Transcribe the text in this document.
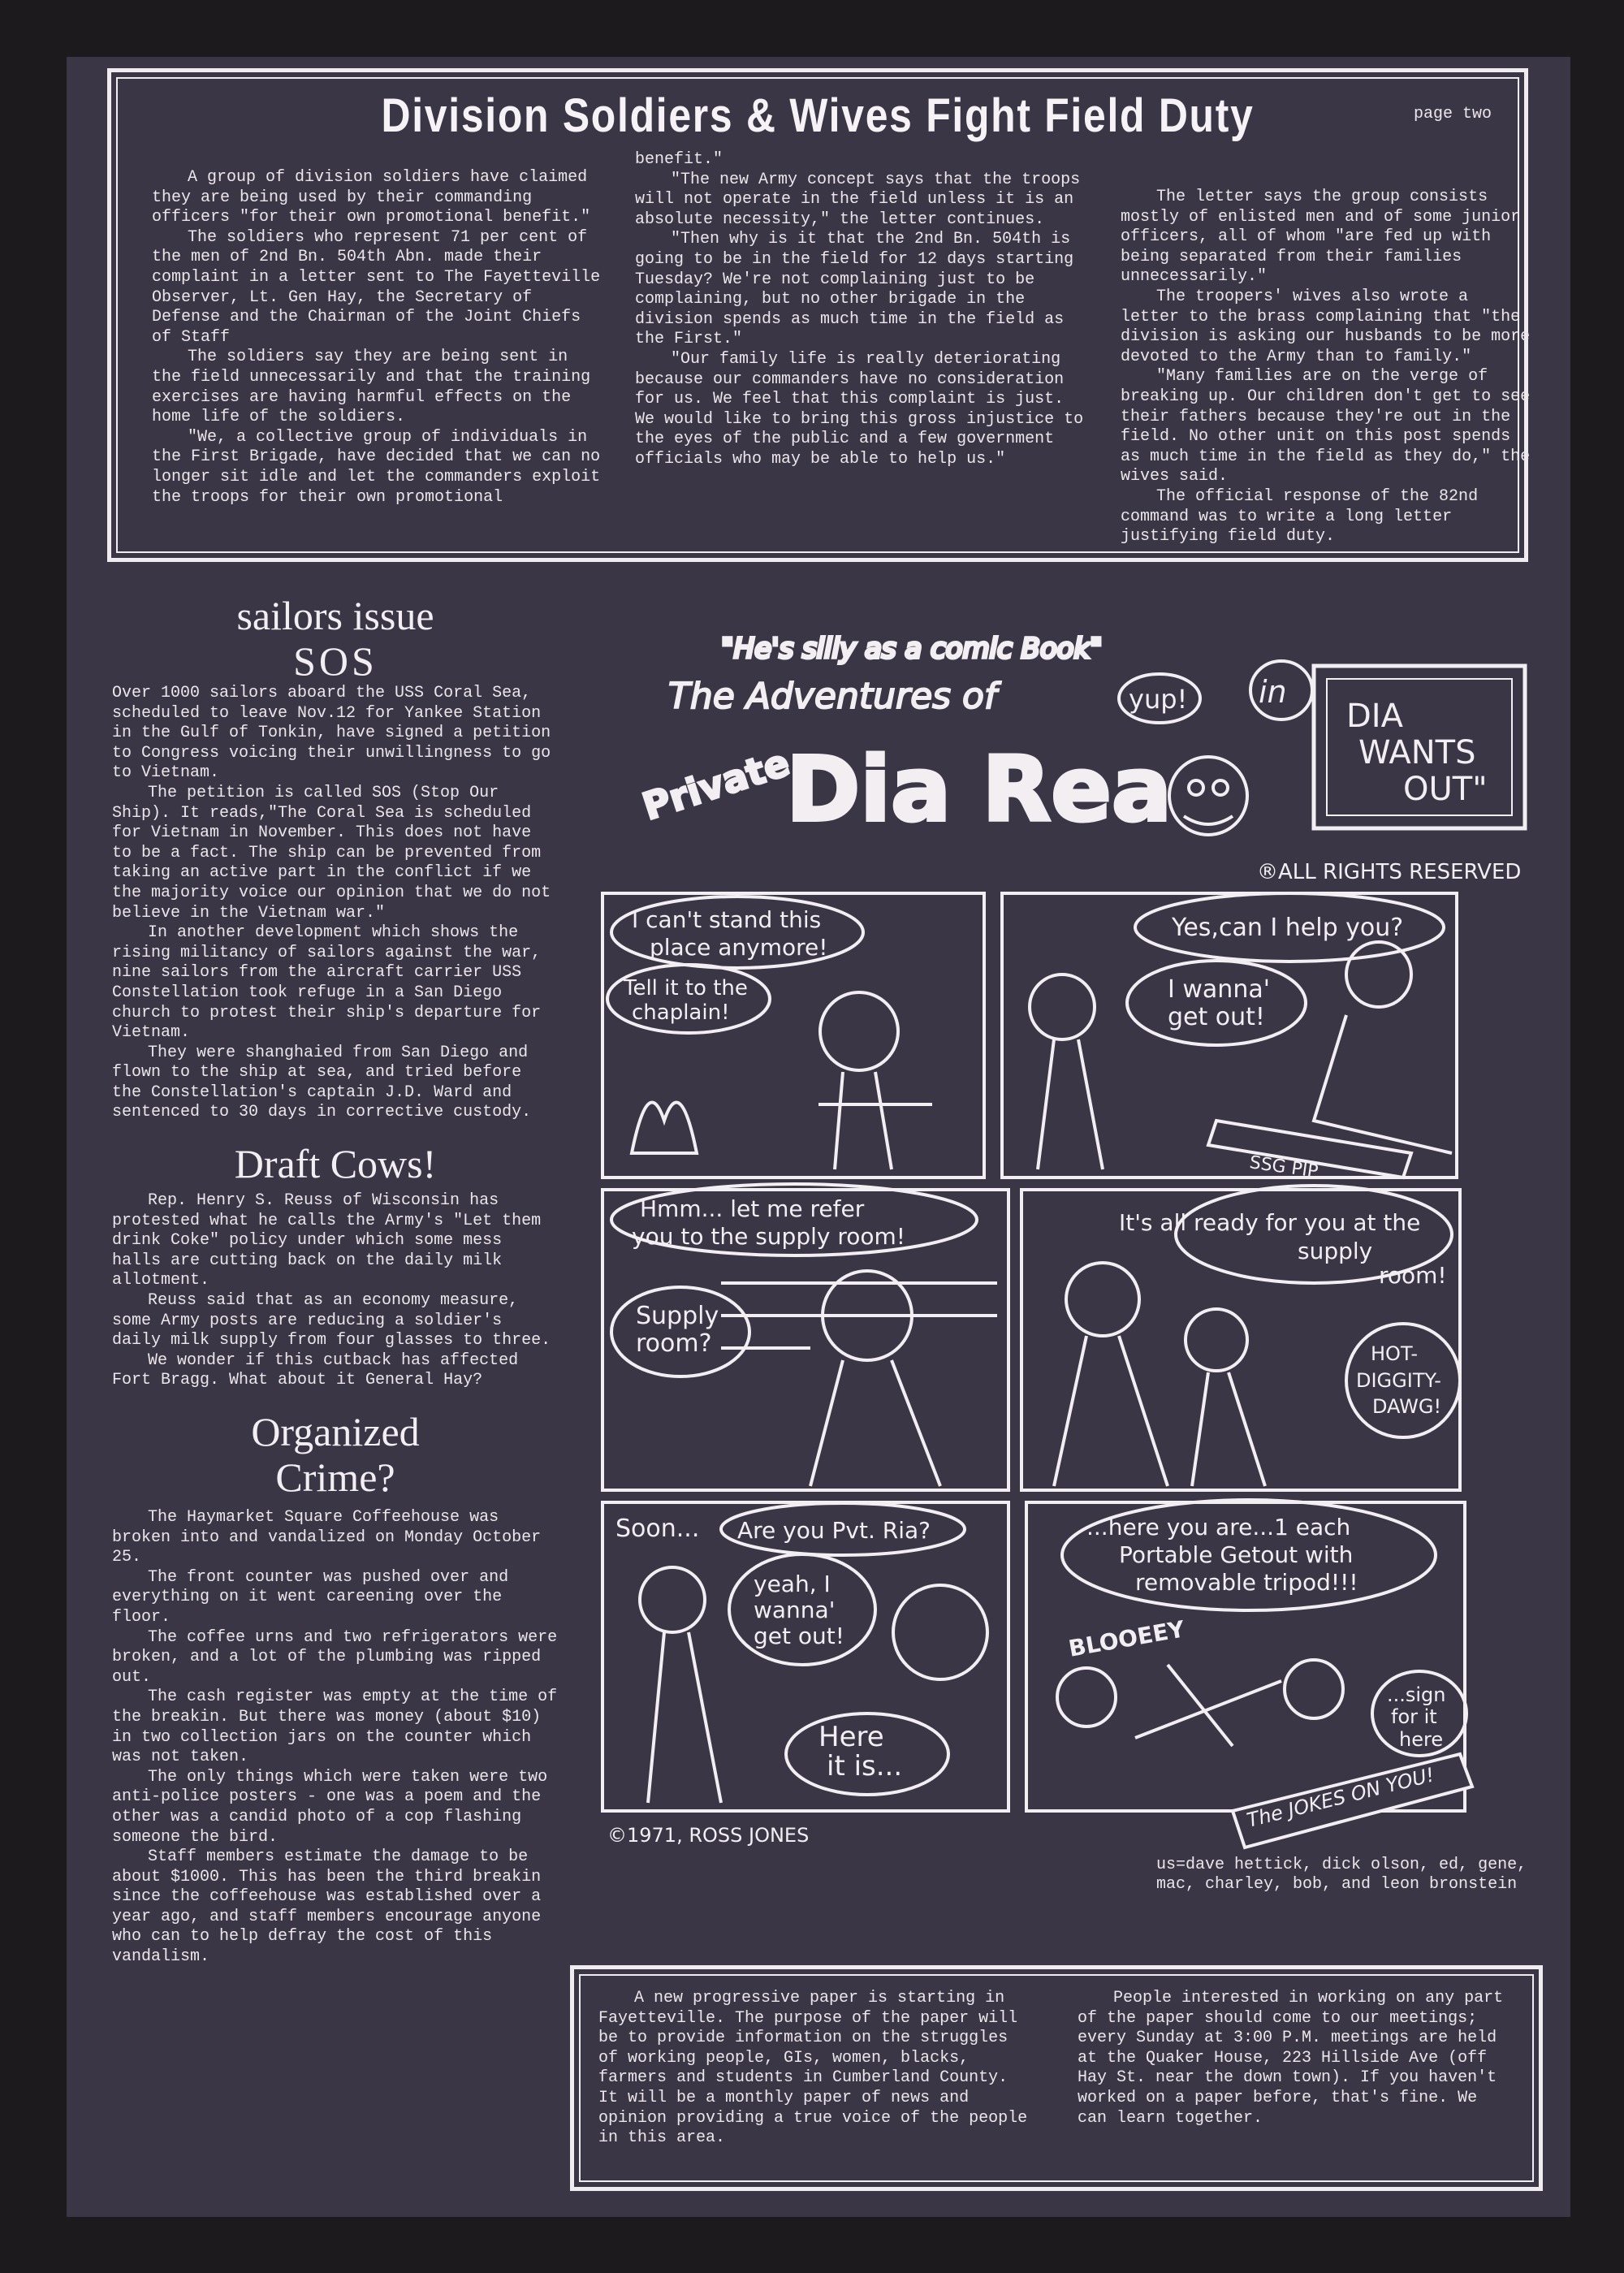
Division Soldiers & Wives Fight Field Duty	page two

A group of division soldiers have claimed they are being used by their commanding officers "for their own promotional benefit."

The soldiers who represent 71 per cent of the men of 2nd Bn. 504th Abn. made their complaint in a letter sent to The Fayetteville Observer, Lt. Gen Hay, the Secretary of Defense and the Chairman of the Joint Chiefs of Staff

The soldiers say they are being sent in the field unnecessarily and that the training exercises are having harmful effects on the home life of the soldiers.

"We, a collective group of individuals in the First Brigade, have decided that we can no longer sit idle and let the commanders exploit the troops for their own promotional

benefit."

"The new Army concept says that the troops will not operate in the field unless it is an absolute necessity," the letter continues.

"Then why is it that the 2nd Bn. 504th is going to be in the field for 12 days starting Tuesday? We're not complaining just to be complaining, but no other brigade in the division spends as much time in the field as the First."

"Our family life is really deteriorating because our commanders have no consideration for us. We feel that this complaint is just. We would like to bring this gross injustice to the eyes of the public and a few government officials who may be able to help us."

The letter says the group consists mostly of enlisted men and of some junior officers, all of whom "are fed up with being separated from their families unnecessarily."

The troopers' wives also wrote a letter to the brass complaining that "the division is asking our husbands to be more devoted to the Army than to family."

"Many families are on the verge of breaking up. Our children don't get to see their fathers because they're out in the field. No other unit on this post spends as much time in the field as they do," the wives said.

The official response of the 82nd command was to write a long letter justifying field duty.

sailors issue
SOS

Over 1000 sailors aboard the USS Coral Sea, scheduled to leave Nov.12 for Yankee Station in the Gulf of Tonkin, have signed a petition to Congress voicing their unwillingness to go to Vietnam.

The petition is called SOS (Stop Our Ship). It reads,"The Coral Sea is scheduled for Vietnam in November. This does not have to be a fact. The ship can be prevented from taking an active part in the conflict if we the majority voice our opinion that we do not believe in the Vietnam war."

In another development which shows the rising militancy of sailors against the war, nine sailors from the aircraft carrier USS Constellation took refuge in a San Diego church to protest their ship's departure for Vietnam.

They were shanghaied from San Diego and flown to the ship at sea, and tried before the Constellation's captain J.D. Ward and sentenced to 30 days in corrective custody.

Draft Cows!

Rep. Henry S. Reuss of Wisconsin has protested what he calls the Army's "Let them drink Coke" policy under which some mess halls are cutting back on the daily milk allotment.

Reuss said that as an economy measure, some Army posts are reducing a soldier's daily milk supply from four glasses to three.

We wonder if this cutback has affected Fort Bragg. What about it General Hay?

Organized
Crime?

The Haymarket Square Coffeehouse was broken into and vandalized on Monday October 25.

The front counter was pushed over and everything on it went careening over the floor.

The coffee urns and two refrigerators were broken, and a lot of the plumbing was ripped out.

The cash register was empty at the time of the breakin. But there was money (about $10) in two collection jars on the counter which was not taken.

The only things which were taken were two anti-police posters - one was a poem and the other was a candid photo of a cop flashing someone the bird.

Staff members estimate the damage to be about $1000. This has been the third breakin since the coffeehouse was established over a year ago, and staff members encourage anyone who can to help defray the cost of this vandalism.

"He's silly as a comic Book"
The Adventures of
Private
Dia Rea
yup! in
DIA
WANTS
OUT"
®ALL RIGHTS RESERVED
I can't stand this
place anymore!
Tell it to the
chaplain!
Yes,can I help you?
I wanna'
get out!
SSG PIP
Hmm... let me refer
you to the supply room!
Supply
room?
It's all ready for you at the
supply
room!
HOT-
DIGGITY-
DAWG!
Soon... Are you Pvt. Ria?
yeah, I
wanna'
get out!
Here
it is...
...here you are...1 each
Portable Getout with
removable tripod!!!
BLOOEEY
...sign
for it
here
The JOKES ON YOU!
©1971, ROSS JONES
us=dave hettick, dick olson, ed, gene, mac, charley, bob, and leon bronstein

A new progressive paper is starting in Fayetteville. The purpose of the paper will be to provide information on the struggles of working people, GIs, women, blacks, farmers and students in Cumberland County. It will be a monthly paper of news and opinion providing a true voice of the people in this area.

People interested in working on any part of the paper should come to our meetings; every Sunday at 3:00 P.M. meetings are held at the Quaker House, 223 Hillside Ave (off Hay St. near the down town). If you haven't worked on a paper before, that's fine. We can learn together.
